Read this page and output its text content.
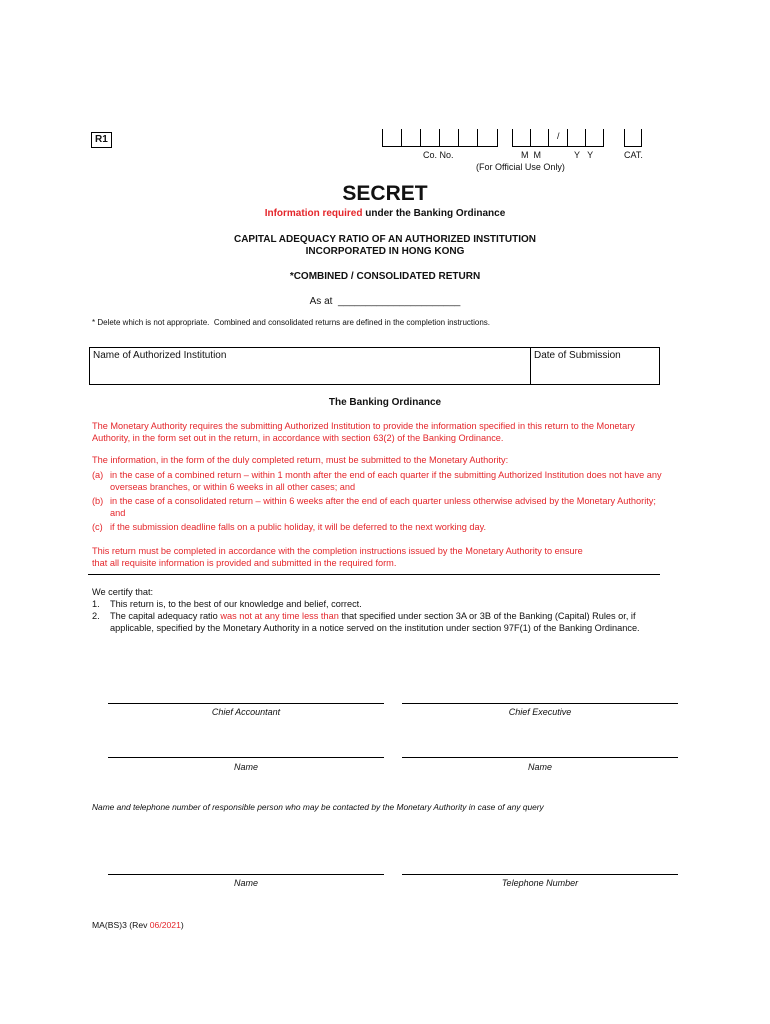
R1	/
Co. No.	M  M	Y   Y	CAT.
(For Official Use Only)
SECRET
Information required under the Banking Ordinance
CAPITAL ADEQUACY RATIO OF AN AUTHORIZED INSTITUTION
INCORPORATED IN HONG KONG
*COMBINED / CONSOLIDATED RETURN
As at  ______________________
* Delete which is not appropriate.  Combined and consolidated returns are defined in the completion instructions.
Name of Authorized Institution	Date of Submission
The Banking Ordinance
The Monetary Authority requires the submitting Authorized Institution to provide the information specified in this return to the Monetary Authority, in the form set out in the return, in accordance with section 63(2) of the Banking Ordinance.
The information, in the form of the duly completed return, must be submitted to the Monetary Authority:
(a) in the case of a combined return – within 1 month after the end of each quarter if the submitting Authorized Institution does not have any overseas branches, or within 6 weeks in all other cases; and
(b) in the case of a consolidated return – within 6 weeks after the end of each quarter unless otherwise advised by the Monetary Authority; and
(c) if the submission deadline falls on a public holiday, it will be deferred to the next working day.
This return must be completed in accordance with the completion instructions issued by the Monetary Authority to ensure
that all requisite information is provided and submitted in the required form.
We certify that:
1.	This return is, to the best of our knowledge and belief, correct.
2.	The capital adequacy ratio was not at any time less than that specified under section 3A or 3B of the Banking (Capital) Rules or, if applicable, specified by the Monetary Authority in a notice served on the institution under section 97F(1) of the Banking Ordinance.
Chief Accountant	Chief Executive
Name	Name
Name and telephone number of responsible person who may be contacted by the Monetary Authority in case of any query
Name	Telephone Number
MA(BS)3 (Rev 06/2021)
